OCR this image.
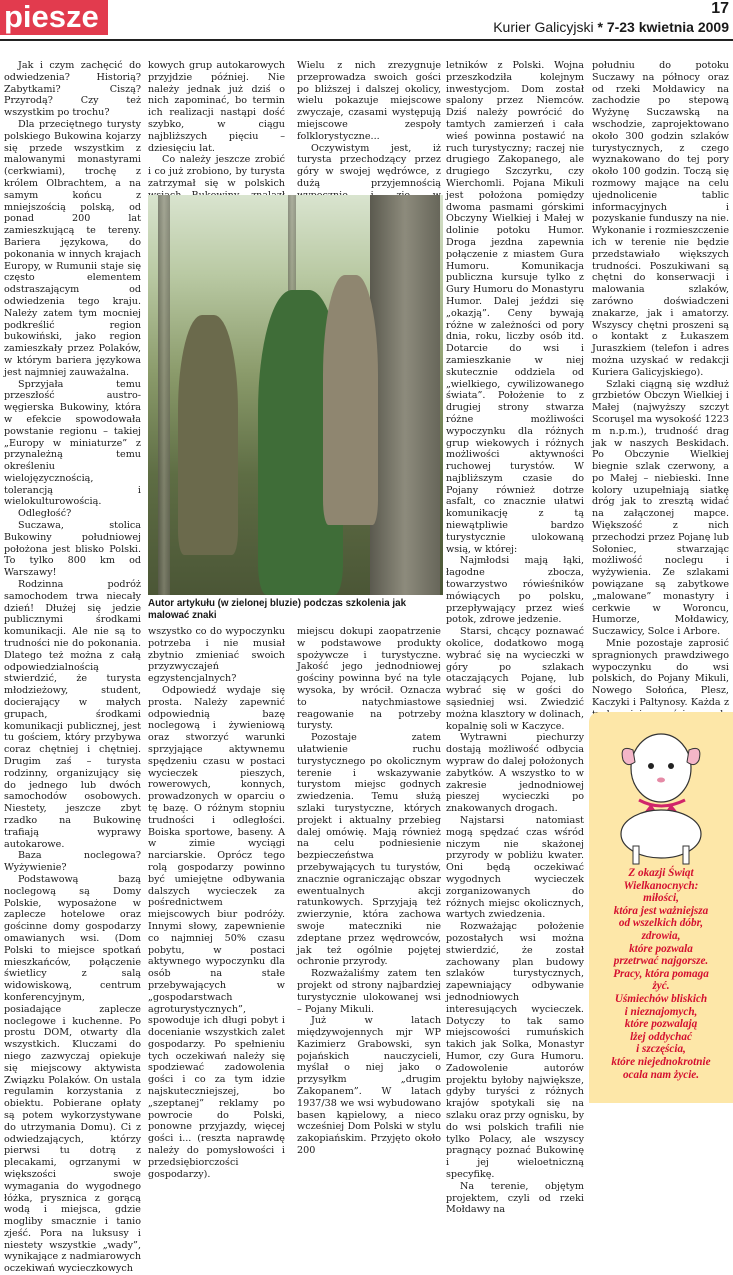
piesze	17
Kurier Galicyjski * 7-23 kwietnia 2009

Jak i czym zachęcić do odwiedzenia? Historią? Zabytkami? Ciszą? Przyrodą? Czy też wszystkim po trochu?

Dla przeciętnego turysty polskiego Bukowina kojarzy się przede wszystkim z malowanymi monastyrami (cerkwiami), trochę z królem Olbrachtem, a na samym końcu z mniejszością polską, od ponad 200 lat zamieszkującą te tereny. Bariera językowa, do pokonania w innych krajach Europy, w Rumunii staje się często elementem odstraszającym od odwiedzenia tego kraju. Należy zatem tym mocniej podkreślić region bukowiński, jako region zamieszkały przez Polaków, w którym bariera językowa jest najmniej zauważalna.

Sprzyjała temu przeszłość austro-węgierska Bukowiny, która w efekcie spowodowała powstanie regionu – takiej „Europy w miniaturze” z przynależną temu określeniu wielojęzycznością, tolerancją i wielokulturowością.

Odległość?

Suczawa, stolica Bukowiny południowej położona jest blisko Polski. To tylko 800 km od Warszawy!

Rodzinna podróż samochodem trwa niecały dzień! Dłużej się jedzie publicznymi środkami komunikacji. Ale nie są to trudności nie do pokonania. Dlatego też można z całą odpowiedzialnością stwierdzić, że turysta młodzieżowy, student, docierający w małych grupach, środkami komunikacji publicznej, jest tu gościem, który przybywa coraz chętniej i chętniej. Drugim zaś – turysta rodzinny, organizujący się do jednego lub dwóch samochodów osobowych. Niestety, jeszcze zbyt rzadko na Bukowinę trafiają wyprawy autokarowe.

Baza noclegowa? Wyżywienie?

Podstawową bazą noclegową są Domy Polskie, wyposażone w zaplecze hotelowe oraz gościnne domy gospodarzy omawianych wsi. (Dom Polski to miejsce spotkań mieszkańców, połączenie świetlicy z salą widowiskową, centrum konferencyjnym, posiadające zaplecze noclegowe i kuchenne. Po prostu DOM, otwarty dla wszystkich. Kluczami do niego zazwyczaj opiekuje się miejscowy aktywista Związku Polaków. On ustala regulamin korzystania z obiektu. Pobierane opłaty są potem wykorzystywane do utrzymania Domu). Ci z odwiedzających, którzy pierwsi tu dotrą z plecakami, ogrzanymi w większości swoje wymagania do wygodnego łóżka, prysznica z gorącą wodą i miejsca, gdzie mogliby smacznie i tanio zjeść. Pora na luksusy i niestety wszystkie „wady”, wynikające z nadmiarowych oczekiwań wycieczkowych

kowych grup autokarowych przyjdzie później. Nie należy jednak już dziś o nich zapominać, bo termin ich realizacji nastąpi dość szybko, w ciągu najbliższych pięciu – dziesięciu lat.

Co należy jeszcze zrobić i co już zrobiono, by turysta zatrzymał się w polskich

Wielu z nich zrezygnuje przeprowadza swoich gości po bliższej i dalszej okolicy, wielu pokazuje miejscowe zwyczaje, czasami występują miejscowe zespoły folklorystyczne...

Oczywistym jest, iż turysta przechodzący przez góry w swojej wędrówce, z dużą przyjemnością

Autor artykułu (w zielonej bluzie) podczas szkolenia jak malować znaki

wszystko co do wypoczynku potrzeba i nie musiał zbytnio zmieniać swoich przyzwyczajeń egzystencjalnych?

Odpowiedź wydaje się prosta. Należy zapewnić odpowiednią bazę noclegową i żywieniową oraz stworzyć warunki sprzyjające aktywnemu spędzeniu czasu w postaci wycieczek pieszych, rowerowych, konnych, prowadzonych w oparciu o tę bazę. O różnym stopniu trudności i odległości. Boiska sportowe, baseny. A w zimie wyciągi narciarskie. Oprócz tego rolą gospodarzy powinno być umiejętne odbywania dalszych wycieczek za pośrednictwem miejscowych biur podróży. Innymi słowy, zapewnienie co najmniej 50% czasu pobytu, w postaci aktywnego wypoczynku dla osób na stałe przebywających w „gospodarstwach agroturystycznych”, spowoduje ich długi pobyt i docenianie wszystkich zalet gospodarzy. Po spełnieniu tych oczekiwań należy się spodziewać zadowolenia gości i co za tym idzie najskuteczniejszej, bo „szeptanej” reklamy po powrocie do Polski, ponowne przyjazdy, więcej gości i... (reszta naprawdę należy do pomysłowości i przedsiębiorczości gospodarzy).

miejscu dokupi zaopatrzenie w podstawowe produkty spożywcze i turystyczne. Jakość jego jednodniowej gościny powinna być na tyle wysoka, by wrócił. Oznacza to natychmiastowe reagowanie na potrzeby turysty.

Pozostaje zatem ułatwienie ruchu turystycznego po okolicznym terenie i wskazywanie turystom miejsc godnych zwiedzenia. Temu służą szlaki turystyczne, których projekt i aktualny przebieg dalej omówię. Mają również na celu podniesienie bezpieczeństwa przebywających tu turystów, znacznie ograniczając obszar ewentualnych akcji ratunkowych. Sprzyjają też zwierzynie, która zachowa swoje mateczniki nie zdeptane przez wędrowców, jak też ogólnie pojętej ochronie przyrody.

Rozważaliśmy zatem ten projekt od strony najbardziej turystycznie ulokowanej wsi – Pojany Mikuli.

Już w latach międzywojennych mjr WP Kazimierz Grabowski, syn pojańskich nauczycieli, myślał o niej jako o przysyłkm „drugim Zakopanem”. W latach 1937/38 we wsi wybudowano basen kąpielowy, a nieco wcześniej Dom Polski w stylu zakopiańskim. Przyjęto około 200

letników z Polski. Wojna przeszkodziła kolejnym inwestycjom. Dom został spalony przez Niemców. Dziś należy powrócić do tamtych zamierzeń i cała wieś powinna postawić na ruch turystyczny; raczej nie drugiego Zakopanego, ale drugiego Szczyrku, czy Wierchomli. Pojana Mikuli jest położona pomiędzy dwoma pasmami górskimi Obczyny Wielkiej i Małej w dolinie potoku Humor. Droga jezdna zapewnia połączenie z miastem Gura Humoru. Komunikacja publiczna kursuje tylko z Gury Humoru do Monastyru Humor. Dalej jeździ się „okazją”. Ceny bywają różne w zależności od pory dnia, roku, liczby osób itd. Dotarcie do wsi i zamieszkanie w niej skutecznie oddziela od „wielkiego, cywilizowanego świata”. Położenie to z drugiej strony stwarza różne możliwości wypoczynku dla różnych grup wiekowych i różnych możliwości aktywności ruchowej turystów. W najbliższym czasie do Pojany również dotrze asfalt, co znacznie ułatwi komunikację z tą niewątpliwie bardzo turystycznie ulokowaną wsią, w której:

Najmłodsi mają łąki, łagodne zbocza, towarzystwo rówieśników mówiących po polsku, przepływający przez wieś potok, zdrowe jedzenie.

Starsi, chcący poznawać okolice, dodatkowo mogą wybrać się na wycieczki w góry po szlakach otaczających Pojanę, lub wybrać się w gości do sąsiedniej wsi. Zwiedzić można klasztory w dolinach, kopalnię soli w Kaczyce.

Wytrawni piechurzy dostają możliwość odbycia wypraw do dalej położonych zabytków. A wszystko to w zakresie jednodniowej pieszej wycieczki po znakowanych drogach.

Najstarsi natomiast mogą spędzać czas wśród niczym nie skażonej przyrody w pobliżu kwater. Oni będą oczekiwać wygodnych wycieczek zorganizowanych do różnych miejsc okolicznych, wartych zwiedzenia.

Rozważając położenie pozostałych wsi można stwierdzić, że został zachowany plan budowy szlaków turystycznych, zapewniający odbywanie jednodniowych interesujących wycieczek. Dotyczy to tak samo miejscowości rumuńskich takich jak Solka, Monastyr Humor, czy Gura Humoru. Zadowolenie autorów projektu byłoby największe, gdyby turyści z różnych krajów spotykali się na szlaku oraz przy ognisku, by do wsi polskich trafili nie tylko Polacy, ale wszyscy pragnący poznać Bukowinę i jej wieloetniczną specyfikę.

Na terenie, objętym projektem, czyli od rzeki Mołdawy na

południu do potoku Suczawy na północy oraz od rzeki Mołdawicy na zachodzie po stepową Wyżynę Suczawską na wschodzie, zaprojektowano około 300 godzin szlaków turystycznych, z czego wyznakowano do tej pory około 100 godzin. Toczą się rozmowy mające na celu ujednolicenie tablic informacyjnych i pozyskanie funduszy na nie. Wykonanie i rozmieszczenie ich w terenie nie będzie przedstawiało większych trudności. Poszukiwani są chętni do konserwacji i malowania szlaków, zarówno doświadczeni znakarze, jak i amatorzy. Wszyscy chętni proszeni są o kontakt z Łukaszem Juraszkiem (telefon i adres można uzyskać w redakcji Kuriera Galicyjskiego).

Szlaki ciągną się wzdłuż grzbietów Obczyn Wielkiej i Małej (najwyższy szczyt Scoruşel ma wysokość 1223 m n.p.m.), trudność drag jak w naszych Beskidach. Po Obczynie Wielkiej biegnie szlak czerwony, a po Małej – niebieski. Inne kolory uzupełniają siatkę dróg jak to zresztą widać na załączonej mapce. Większość z nich przechodzi przez Pojanę lub Sołoniec, stwarzając możliwość noclegu i wyżywienia. Ze szlakami powiązane są zabytkowe „malowane” monastyry i cerkwie w Woroncu, Humorze, Mołdawicy, Suczawicy, Solce i Arbore.

Mnie pozostaje zaprosić spragnionych prawdziwego wypoczynku do wsi polskich, do Pojany Mikuli, Nowego Sołońca, Plesz, Kaczyki i Paltynosy. Każda z

Z okazji Świąt
Wielkanocnych:
miłości,
która jest ważniejsza
od wszelkich dóbr,
zdrowia,
które pozwala
przetrwać najgorsze.
Pracy, która pomaga
żyć.
Uśmiechów bliskich
i nieznajomych,
które pozwalają
lżej oddychać
i szczęścia,
które niejednokrotnie
ocala nam życie.
